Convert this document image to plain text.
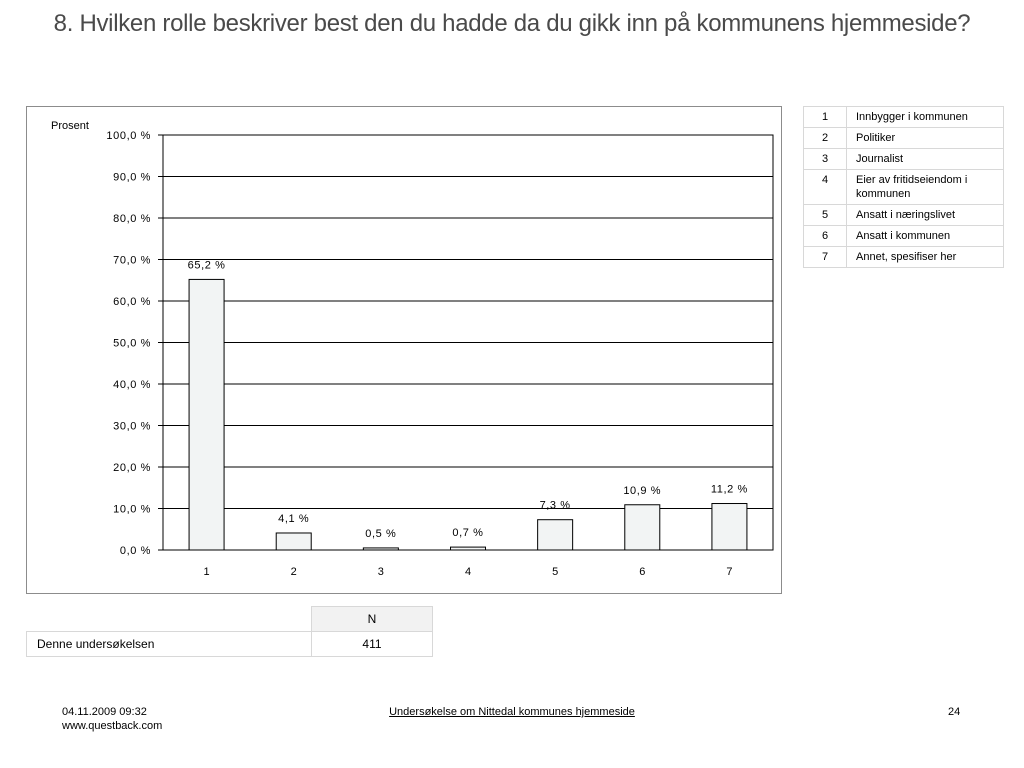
8. Hvilken rolle beskriver best den du hadde da du gikk inn på kommunens hjemmeside?
Prosent
0,0 %
10,0 %
20,0 %
30,0 %
40,0 %
50,0 %
60,0 %
70,0 %
80,0 %
90,0 %
100,0 %
65,2 %
1
4,1 %
2
0,5 %
3
0,7 %
4
7,3 %
5
10,9 %
6
11,2 %
7
1	Innbygger i kommunen
2	Politiker
3	Journalist
4	Eier av fritidseiendom i kommunen
5	Ansatt i næringslivet
6	Ansatt i kommunen
7	Annet, spesifiser her
	N
Denne undersøkelsen	411
04.11.2009 09:32
www.questback.com
Undersøkelse om Nittedal kommunes hjemmeside	24
